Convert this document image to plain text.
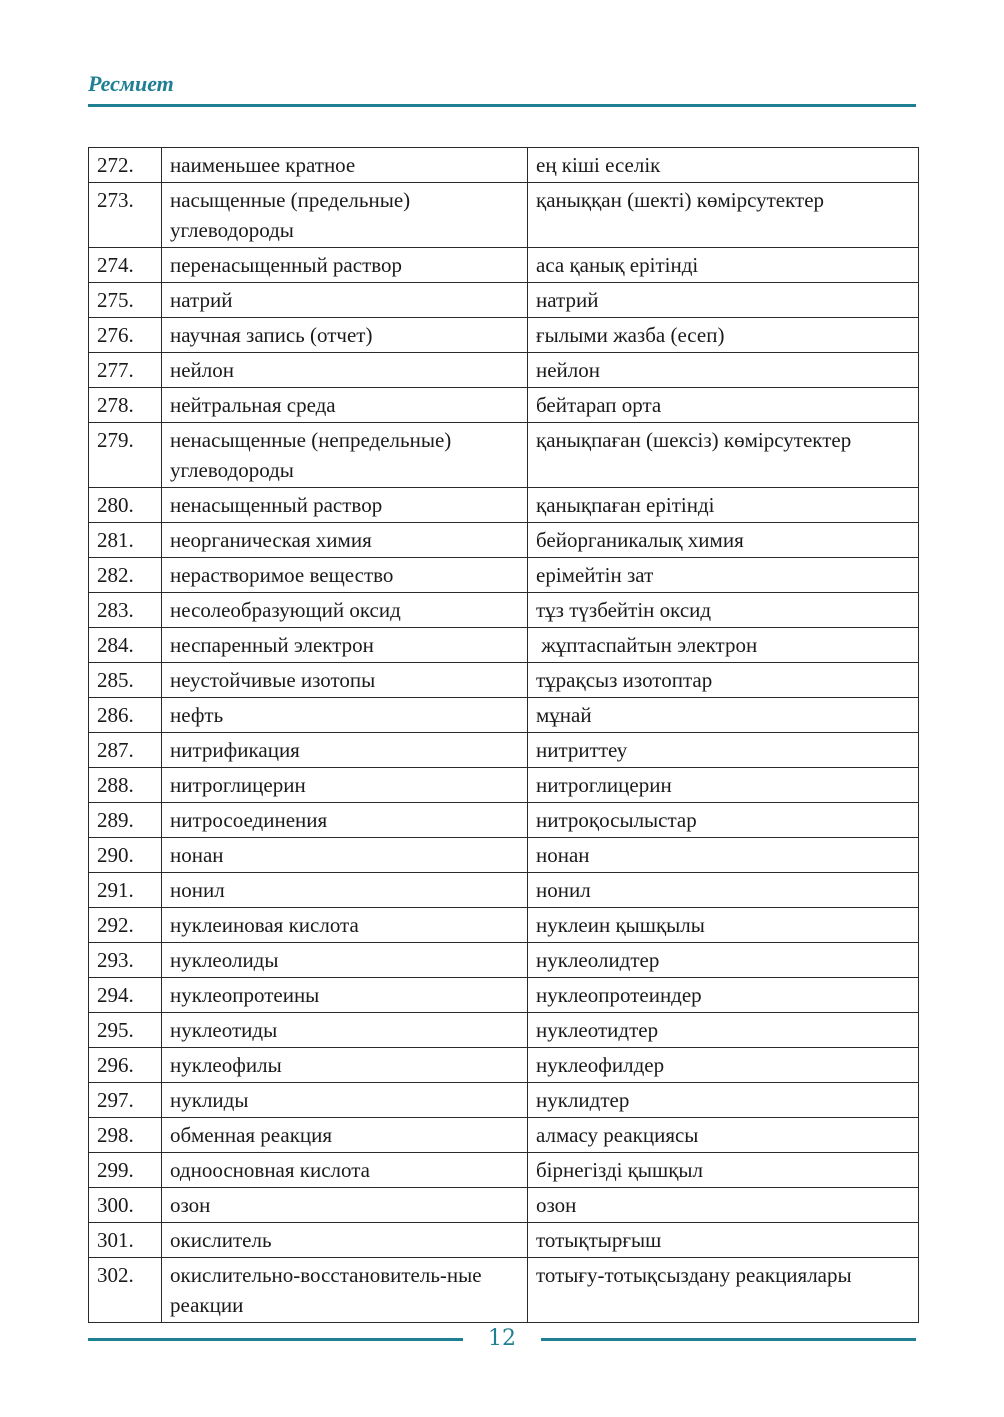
Ресмиет
272.	наименьшее кратное	ең кіші еселік
273.	насыщенные (предельные) углеводороды	қаныққан (шекті) көмірсутектер
274.	перенасыщенный раствор	аса қанық ерітінді
275.	натрий	натрий
276.	научная запись (отчет)	ғылыми жазба (есеп)
277.	нейлон	нейлон
278.	нейтральная среда	бейтарап орта
279.	ненасыщенные (непредельные) углеводороды	қанықпаған (шексіз) көмірсутектер
280.	ненасыщенный раствор	қанықпаған ерітінді
281.	неорганическая химия	бейорганикалық химия
282.	нерастворимое вещество	ерімейтін зат
283.	несолеобразующий оксид	тұз түзбейтін оксид
284.	неспаренный электрон	жұптаспайтын электрон
285.	неустойчивые изотопы	тұрақсыз изотоптар
286.	нефть	мұнай
287.	нитрификация	нитриттеу
288.	нитроглицерин	нитроглицерин
289.	нитросоединения	нитроқосылыстар
290.	нонан	нонан
291.	нонил	нонил
292.	нуклеиновая кислота	нуклеин қышқылы
293.	нуклеолиды	нуклеолидтер
294.	нуклеопротеины	нуклеопротеиндер
295.	нуклеотиды	нуклеотидтер
296.	нуклеофилы	нуклеофилдер
297.	нуклиды	нуклидтер
298.	обменная реакция	алмасу реакциясы
299.	одноосновная кислота	бірнегізді қышқыл
300.	озон	озон
301.	окислитель	тотықтырғыш
302.	окислительно-восстановитель-ные реакции	тотығу-тотықсыздану реакциялары
12
